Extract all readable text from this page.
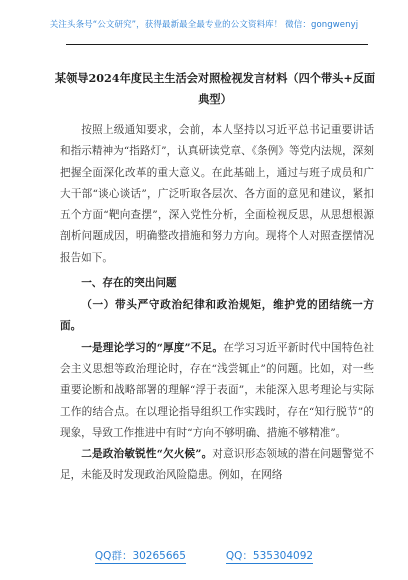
关注头条号“公文研究”，获得最新最全最专业的公文资料库！ 微信：gongwenyj
某领导2024年度民主生活会对照检视发言材料（四个带头+反面典型）

按照上级通知要求，会前，本人坚持以习近平总书记重要讲话和指示精神为“指路灯”，认真研读党章、《条例》等党内法规，深刻把握全面深化改革的重大意义。在此基础上，通过与班子成员和广大干部“谈心谈话”，广泛听取各层次、各方面的意见和建议，紧扣五个方面“靶向查摆”，深入党性分析，全面检视反思，从思想根源剖析问题成因，明确整改措施和努力方向。现将个人对照查摆情况报告如下。

一、存在的突出问题

（一）带头严守政治纪律和政治规矩，维护党的团结统一方面。

一是理论学习的“厚度”不足。在学习习近平新时代中国特色社会主义思想等政治理论时，存在“浅尝辄止”的问题。比如，对一些重要论断和战略部署的理解“浮于表面”，未能深入思考理论与实际工作的结合点。在以理论指导组织工作实践时，存在“知行脱节”的现象，导致工作推进中有时“方向不够明确、措施不够精准”。

二是政治敏锐性“欠火候”。对意识形态领域的潜在问题警觉不足，未能及时发现政治风险隐患。例如，在网络

QQ群：30265665	QQ：535304092
